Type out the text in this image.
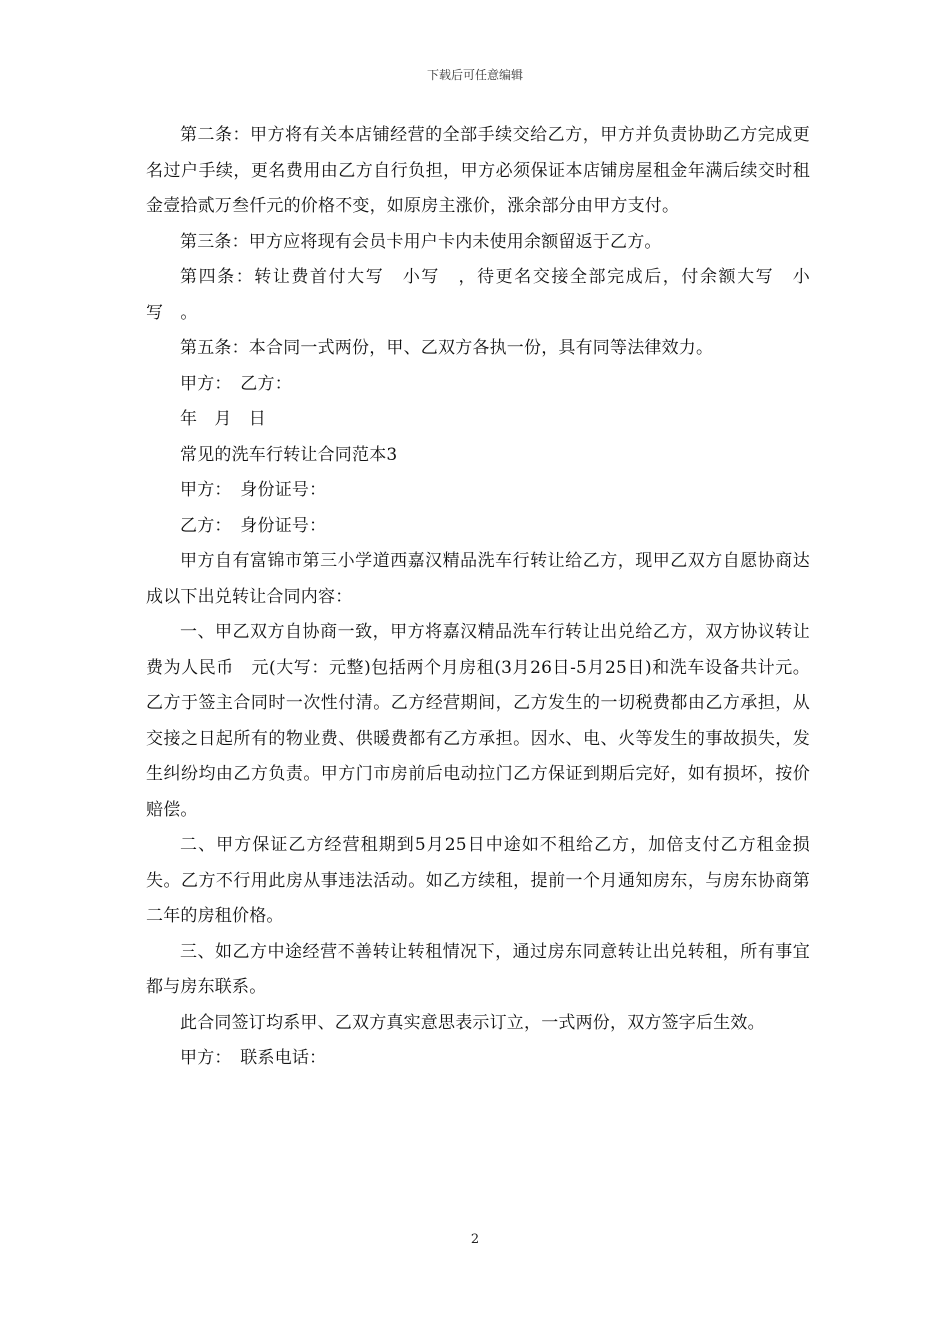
下载后可任意编辑

第二条：甲方将有关本店铺经营的全部手续交给乙方，甲方并负责协助乙方完成更名过户手续，更名费用由乙方自行负担，甲方必须保证本店铺房屋租金年满后续交时租金壹拾贰万叁仟元的价格不变，如原房主涨价，涨余部分由甲方支付。

第三条：甲方应将现有会员卡用户卡内未使用余额留返于乙方。

第四条：转让费首付大写　小写　，待更名交接全部完成后，付余额大写　小写　。

第五条：本合同一式两份，甲、乙双方各执一份，具有同等法律效力。

甲方：　乙方：

年　月　日

常见的洗车行转让合同范本3

甲方：　身份证号：

乙方：　身份证号：

甲方自有富锦市第三小学道西嘉汉精品洗车行转让给乙方，现甲乙双方自愿协商达成以下出兑转让合同内容：

一、甲乙双方自协商一致，甲方将嘉汉精品洗车行转让出兑给乙方，双方协议转让费为人民币　元(大写：元整)包括两个月房租(3月26日-5月25日)和洗车设备共计元。乙方于签主合同时一次性付清。乙方经营期间，乙方发生的一切税费都由乙方承担，从交接之日起所有的物业费、供暖费都有乙方承担。因水、电、火等发生的事故损失，发生纠纷均由乙方负责。甲方门市房前后电动拉门乙方保证到期后完好，如有损坏，按价赔偿。

二、甲方保证乙方经营租期到5月25日中途如不租给乙方，加倍支付乙方租金损失。乙方不行用此房从事违法活动。如乙方续租，提前一个月通知房东，与房东协商第二年的房租价格。

三、如乙方中途经营不善转让转租情况下，通过房东同意转让出兑转租，所有事宜都与房东联系。

此合同签订均系甲、乙双方真实意思表示订立，一式两份，双方签字后生效。

甲方：　联系电话：

2
